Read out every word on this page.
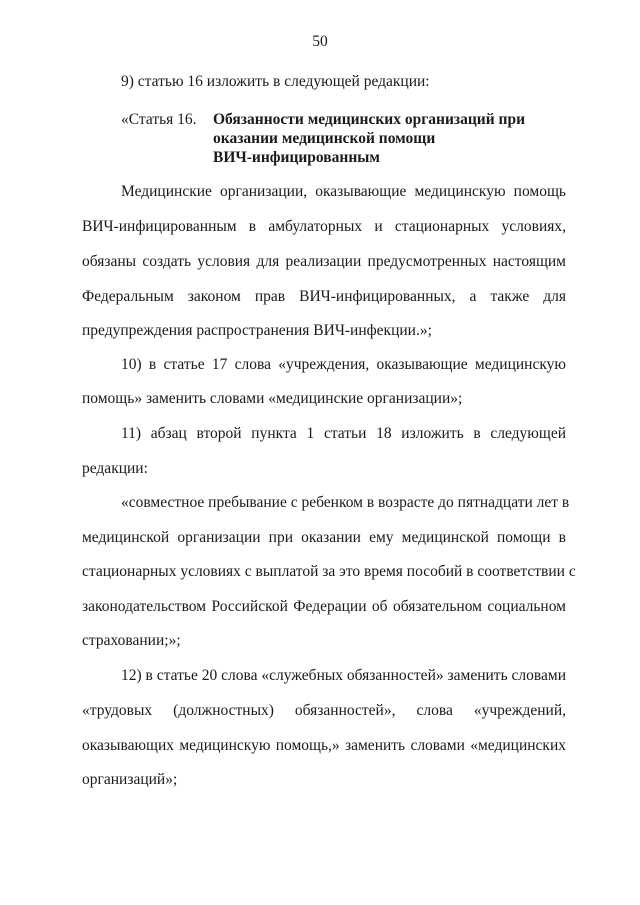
50
9) статью 16 изложить в следующей редакции:
«Статья 16. Обязанности медицинских организаций при
оказании медицинской помощи
ВИЧ-инфицированным
Медицинские организации, оказывающие медицинскую помощь
ВИЧ-инфицированным в амбулаторных и стационарных условиях,
обязаны создать условия для реализации предусмотренных настоящим
Федеральным законом прав ВИЧ-инфицированных, а также для
предупреждения распространения ВИЧ-инфекции.»;
10) в статье 17 слова «учреждения, оказывающие медицинскую
помощь» заменить словами «медицинские организации»;
11) абзац второй пункта 1 статьи 18 изложить в следующей
редакции:
«совместное пребывание с ребенком в возрасте до пятнадцати лет в
медицинской организации при оказании ему медицинской помощи в
стационарных условиях с выплатой за это время пособий в соответствии с
законодательством Российской Федерации об обязательном социальном
страховании;»;
12) в статье 20 слова «служебных обязанностей» заменить словами
«трудовых (должностных) обязанностей», слова «учреждений,
оказывающих медицинскую помощь,» заменить словами «медицинских
организаций»;
